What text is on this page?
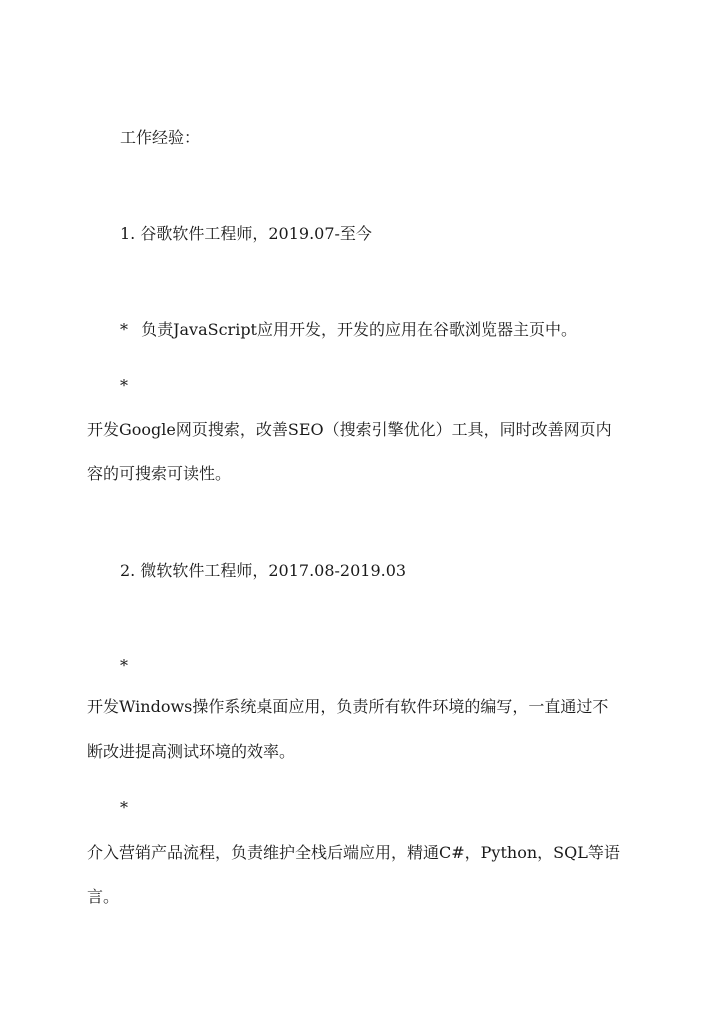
工作经验：
1. 谷歌软件工程师，2019.07-至今
* 负责JavaScript应用开发，开发的应用在谷歌浏览器主页中。
*
开发Google网页搜索，改善SEO（搜索引擎优化）工具，同时改善网页内
容的可搜索可读性。
2. 微软软件工程师，2017.08-2019.03
*
开发Windows操作系统桌面应用，负责所有软件环境的编写，一直通过不
断改进提高测试环境的效率。
*
介入营销产品流程，负责维护全栈后端应用，精通C#，Python，SQL等语
言。
